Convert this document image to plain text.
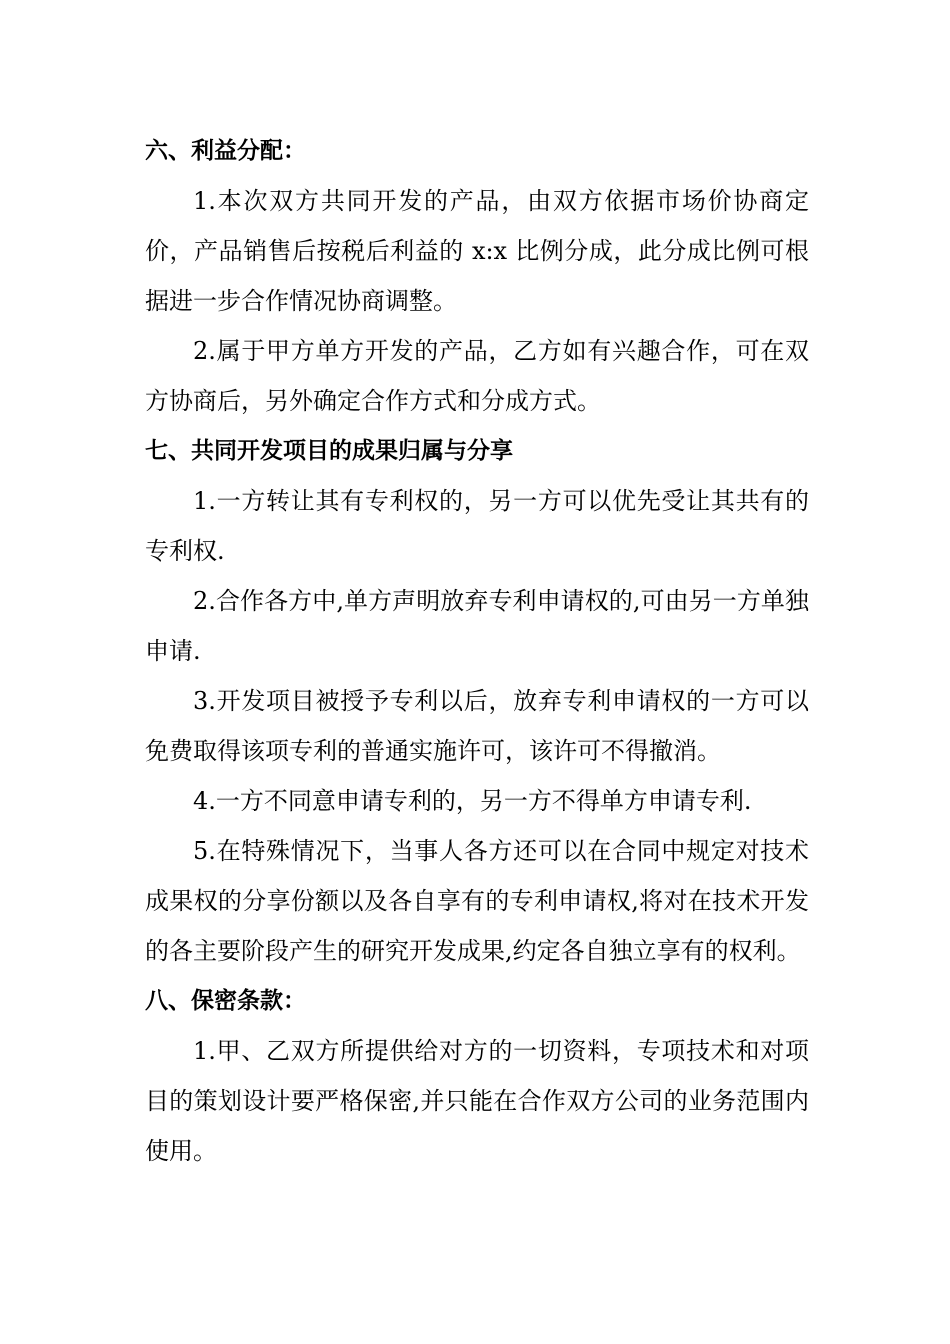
六、利益分配：

1.本次双方共同开发的产品，由双方依据市场价协商定价，产品销售后按税后利益的 x:x 比例分成，此分成比例可根据进一步合作情况协商调整。

2.属于甲方单方开发的产品，乙方如有兴趣合作，可在双方协商后，另外确定合作方式和分成方式。

七、共同开发项目的成果归属与分享

1.一方转让其有专利权的，另一方可以优先受让其共有的专利权.

2.合作各方中,单方声明放弃专利申请权的,可由另一方单独申请.

3.开发项目被授予专利以后，放弃专利申请权的一方可以免费取得该项专利的普通实施许可，该许可不得撤消。

4.一方不同意申请专利的，另一方不得单方申请专利.

5.在特殊情况下，当事人各方还可以在合同中规定对技术成果权的分享份额以及各自享有的专利申请权,将对在技术开发的各主要阶段产生的研究开发成果,约定各自独立享有的权利。

八、保密条款：

1.甲、乙双方所提供给对方的一切资料，专项技术和对项目的策划设计要严格保密,并只能在合作双方公司的业务范围内使用。
